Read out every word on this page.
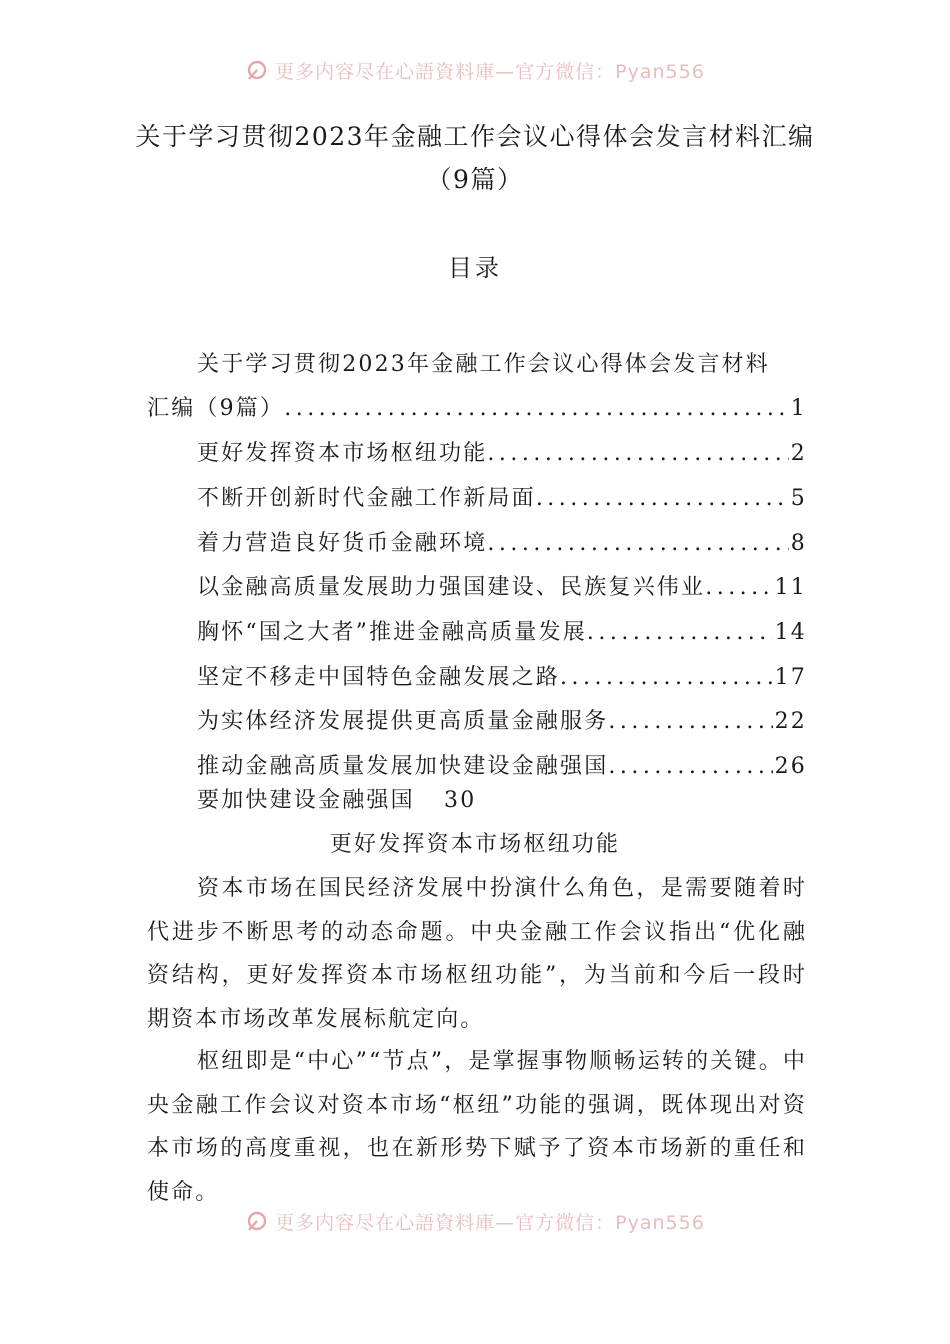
更多内容尽在心語資料庫—官方微信：Pyan556
关于学习贯彻2023年金融工作会议心得体会发言材料汇编
（9篇）
目录
关于学习贯彻2023年金融工作会议心得体会发言材料
汇编（9篇） .....	1
更好发挥资本市场枢纽功能 .....	2
不断开创新时代金融工作新局面 .....	5
着力营造良好货币金融环境 .....	8
以金融高质量发展助力强国建设、民族复兴伟业 .....	11
胸怀“国之大者”推进金融高质量发展 .....	14
坚定不移走中国特色金融发展之路 .....	17
为实体经济发展提供更高质量金融服务 .....	22
推动金融高质量发展加快建设金融强国 .....	26
要加快建设金融强国 30
更好发挥资本市场枢纽功能

资本市场在国民经济发展中扮演什么角色，是需要随着时代进步不断思考的动态命题。中央金融工作会议指出“优化融资结构，更好发挥资本市场枢纽功能”，为当前和今后一段时期资本市场改革发展标航定向。

枢纽即是“中心”“节点”，是掌握事物顺畅运转的关键。中央金融工作会议对资本市场“枢纽”功能的强调，既体现出对资本市场的高度重视，也在新形势下赋予了资本市场新的重任和使命。

更多内容尽在心語資料庫—官方微信：Pyan556
